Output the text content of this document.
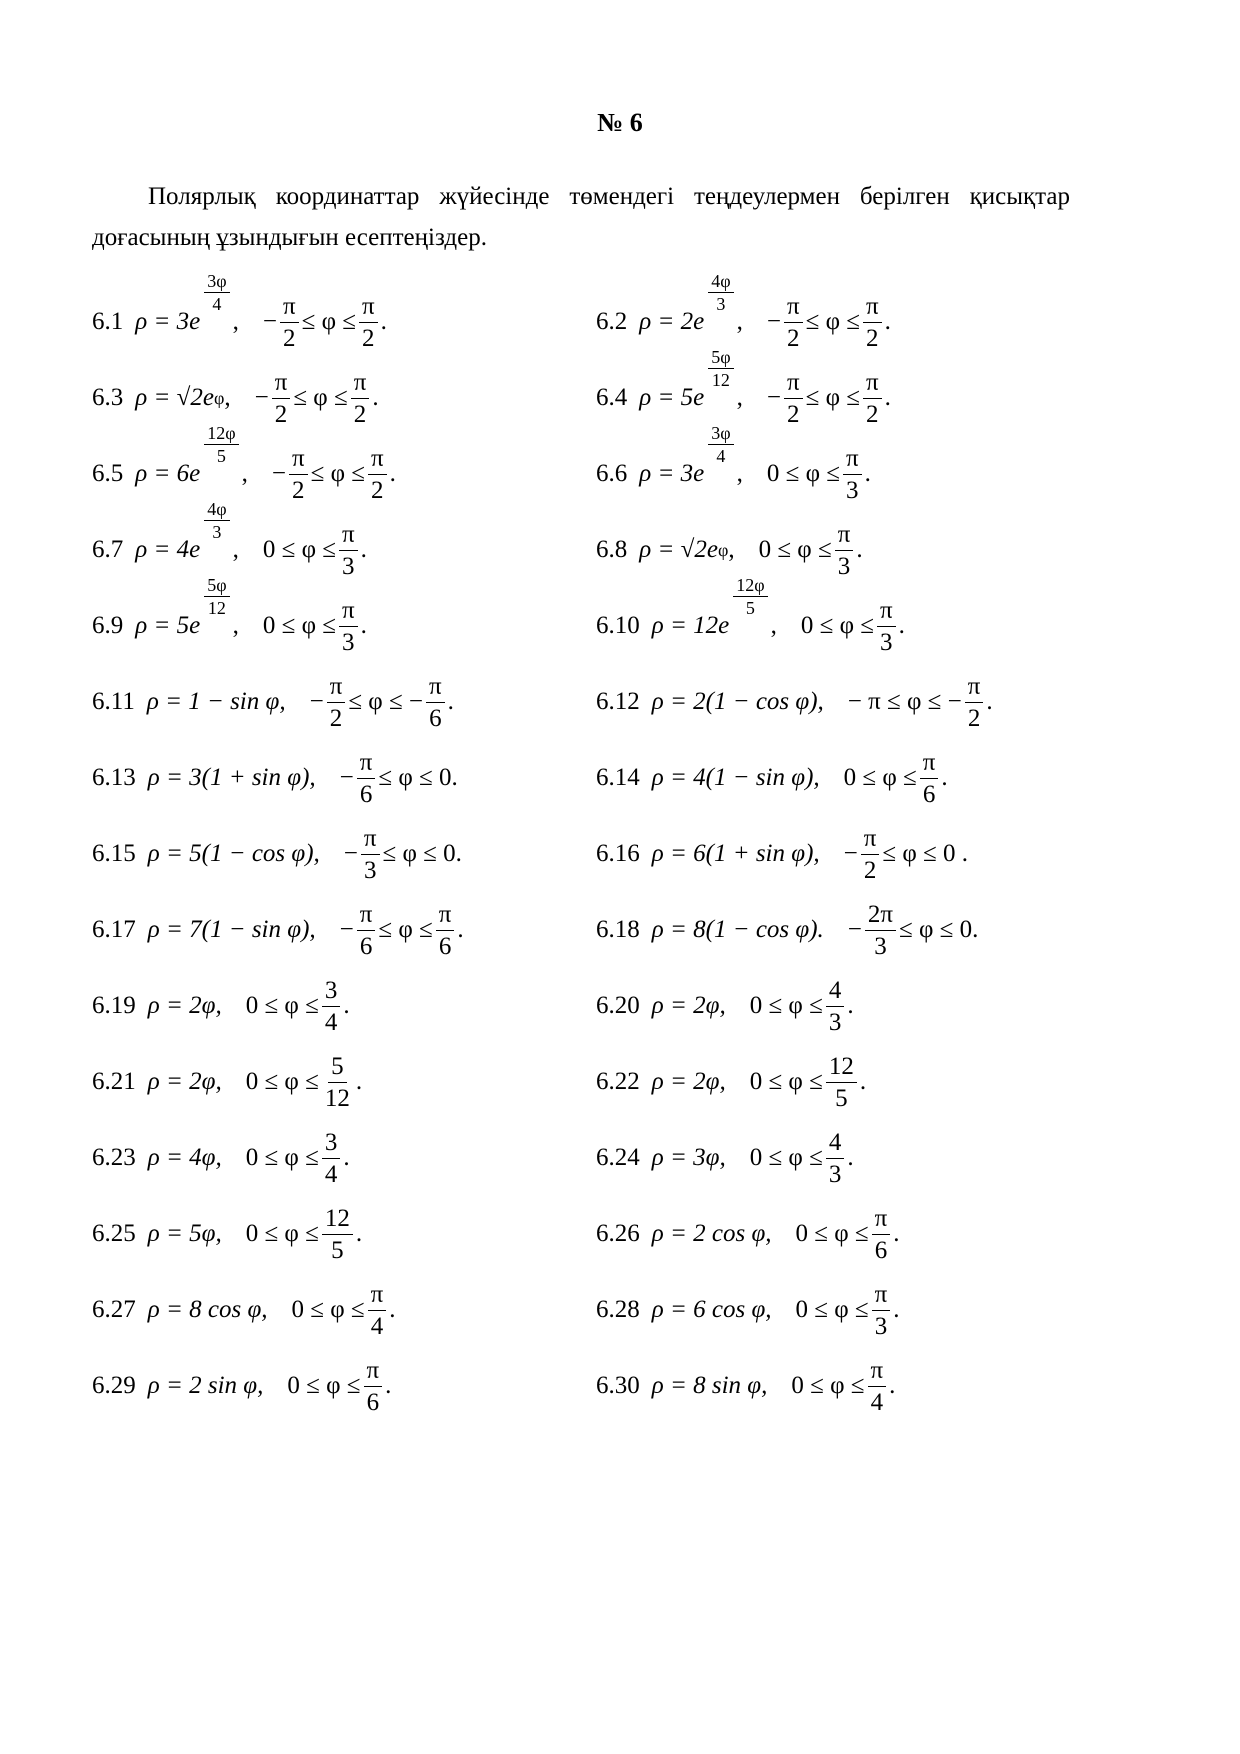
№ 6
Полярлық координаттар жүйесінде төмендегі теңдеулермен берілген қисықтар доғасының ұзындығын есептеңіздер.
6.1 ρ = 3e
$\frac{3\varphi}{4}$
, − $\frac{\pi}{2} \le \varphi \le \frac{\pi}{2}$ .	6.2 ρ = 2e
$\frac{4\varphi}{3}$
, − $\frac{\pi}{2} \le \varphi \le \frac{\pi}{2}$ .
6.3 ρ = √2e φ , − $\frac{\pi}{2} \le \varphi \le \frac{\pi}{2}$ .	6.4 ρ = 5e
$\frac{5\varphi}{12}$
, − $\frac{\pi}{2} \le \varphi \le \frac{\pi}{2}$ .
6.5 ρ = 6e
$\frac{12\varphi}{5}$
, − $\frac{\pi}{2} \le \varphi \le \frac{\pi}{2}$ .	6.6 ρ = 3e
$\frac{3\varphi}{4}$
, $0 \le \varphi \le \frac{\pi}{3}$ .
6.7 ρ = 4e
$\frac{4\varphi}{3}$
, $0 \le \varphi \le \frac{\pi}{3}$ .	6.8 ρ = √2e φ , $0 \le \varphi \le \frac{\pi}{3}$ .
6.9 ρ = 5e
$\frac{5\varphi}{12}$
, $0 \le \varphi \le \frac{\pi}{3}$ .	6.10 ρ = 12e
$\frac{12\varphi}{5}$
, $0 \le \varphi \le \frac{\pi}{3}$ .
6.11 ρ = 1 − sin φ, − $\frac{\pi}{2} \le \varphi$ ≤ − $\frac{\pi}{6}$ .	6.12 ρ = 2(1 − cos φ), − π ≤ φ ≤ − $\frac{\pi}{2}$ .
6.13 ρ = 3(1 + sin φ), − $\frac{\pi}{6} \le \varphi \le 0$.	6.14 ρ = 4(1 − sin φ), $0 \le \varphi \le \frac{\pi}{6}$ .
6.15 ρ = 5(1 − cos φ), − $\frac{\pi}{3} \le \varphi \le 0$.	6.16 ρ = 6(1 + sin φ), − $\frac{\pi}{2} \le \varphi \le 0$ .
6.17 ρ = 7(1 − sin φ), − $\frac{\pi}{6} \le \varphi \le \frac{\pi}{6}$ .	6.18 ρ = 8(1 − cos φ). − $\frac{2\pi}{3} \le \varphi \le 0$.
6.19 ρ = 2φ, $0 \le \varphi \le \frac{3}{4}$ .	6.20 ρ = 2φ, $0 \le \varphi \le \frac{4}{3}$ .
6.21 ρ = 2φ, $0 \le \varphi \le \frac{5}{12}$ .	6.22 ρ = 2φ, $0 \le \varphi \le \frac{12}{5}$ .
6.23 ρ = 4φ, $0 \le \varphi \le \frac{3}{4}$ .	6.24 ρ = 3φ, $0 \le \varphi \le \frac{4}{3}$ .
6.25 ρ = 5φ, $0 \le \varphi \le \frac{12}{5}$ .	6.26 ρ = 2 cos φ, $0 \le \varphi \le \frac{\pi}{6}$ .
6.27 ρ = 8 cos φ, $0 \le \varphi \le \frac{\pi}{4}$ .	6.28 ρ = 6 cos φ, $0 \le \varphi \le \frac{\pi}{3}$ .
6.29 ρ = 2 sin φ, $0 \le \varphi \le \frac{\pi}{6}$ .	6.30 ρ = 8 sin φ, $0 \le \varphi \le \frac{\pi}{4}$ .
